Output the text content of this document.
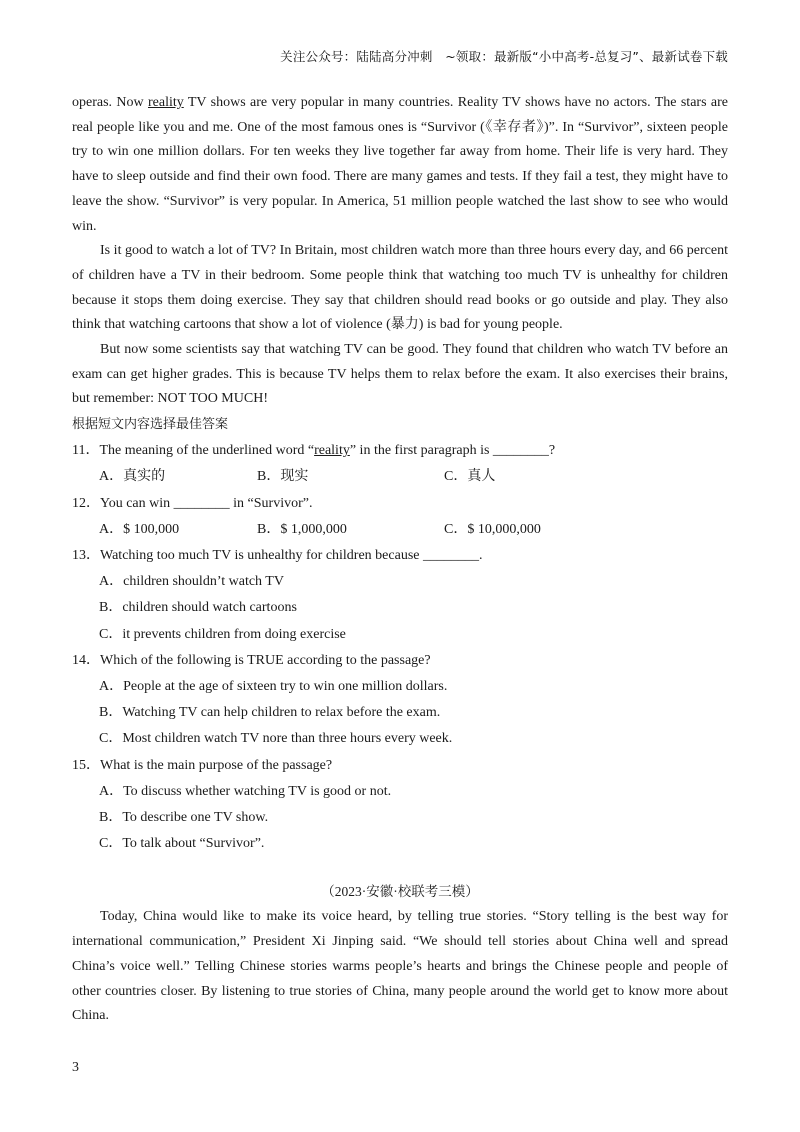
关注公众号：陆陆高分冲刺　~领取：最新版“小中高考-总复习”、最新试卷下载

operas. Now reality TV shows are very popular in many countries. Reality TV shows have no actors. The stars are real people like you and me. One of the most famous ones is “Survivor (《幸存者》)”. In “Survivor”, sixteen people try to win one million dollars. For ten weeks they live together far away from home. Their life is very hard. They have to sleep outside and find their own food. There are many games and tests. If they fail a test, they might have to leave the show. “Survivor” is very popular. In America, 51 million people watched the last show to see who would win.

Is it good to watch a lot of TV? In Britain, most children watch more than three hours every day, and 66 percent of children have a TV in their bedroom. Some people think that watching too much TV is unhealthy for children because it stops them doing exercise. They say that children should read books or go outside and play. They also think that watching cartoons that show a lot of violence (暴力) is bad for young people.

But now some scientists say that watching TV can be good. They found that children who watch TV before an exam can get higher grades. This is because TV helps them to relax before the exam. It also exercises their brains, but remember: NOT TOO MUCH!

根据短文内容选择最佳答案
11．The meaning of the underlined word “reality” in the first paragraph is ________?
A．真实的	B．现实	C．真人
12．You can win ________ in “Survivor”.
A．$ 100,000	B．$ 1,000,000	C．$ 10,000,000
13．Watching too much TV is unhealthy for children because ________.
A．children shouldn’t watch TV
B．children should watch cartoons
C．it prevents children from doing exercise
14．Which of the following is TRUE according to the passage?
A．People at the age of sixteen try to win one million dollars.
B．Watching TV can help children to relax before the exam.
C．Most children watch TV nore than three hours every week.
15．What is the main purpose of the passage?
A．To discuss whether watching TV is good or not.
B．To describe one TV show.
C．To talk about “Survivor”.
（2023·安徽·校联考三模）

Today, China would like to make its voice heard, by telling true stories. “Story telling is the best way for international communication,” President Xi Jinping said. “We should tell stories about China well and spread China’s voice well.” Telling Chinese stories warms people’s hearts and brings the Chinese people and people of other countries closer. By listening to true stories of China, many people around the world get to know more about China.

3
